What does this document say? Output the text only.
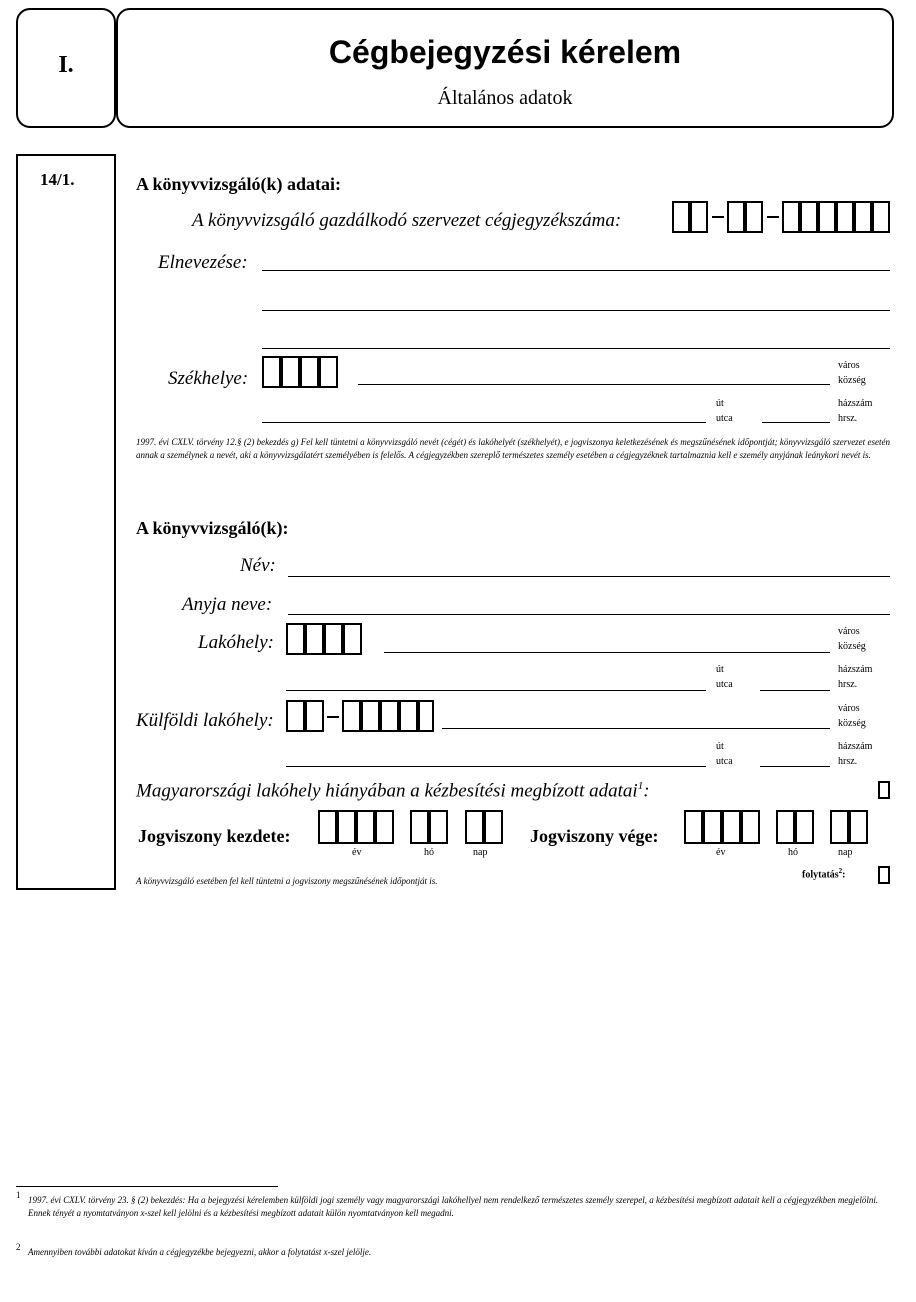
I.	Cégbejegyzési kérelem
Általános adatok
14/1.	A könyvvizsgáló(k) adatai:
A könyvvizsgáló gazdálkodó szervezet cégjegyzékszáma:
Elnevezése:
Székhelye:
város
község
út
utca
házszám
hrsz.
1997. évi CXLV. törvény 12.§ (2) bekezdés g) Fel kell tüntetni a könyvvizsgáló nevét (cégét) és lakóhelyét (székhelyét), e jogviszonya keletkezésének és megszűnésének időpontját; könyvvizsgáló szervezet esetén annak a személynek a nevét, aki a könyvvizsgálatért személyében is felelős. A cégjegyzékben szereplő természetes személy esetében a cégjegyzéknek tartalmaznia kell e személy anyjának leánykori nevét is.
A könyvvizsgáló(k):
Név:
Anyja neve:
Lakóhely:
város
község
út
utca
házszám
hrsz.
Külföldi lakóhely:
város
község
út
utca
házszám
hrsz.
Magyarországi lakóhely hiányában a kézbesítési megbízott adatai$^1$:
Jogviszony kezdete:
év	hó	nap
Jogviszony vége:
év	hó	nap
A könyvvizsgáló esetében fel kell tüntetni a jogviszony megszűnésének időpontját is.
folytatás$^2$:
1 1997. évi CXLV. törvény 23. § (2) bekezdés: Ha a bejegyzési kérelemben külföldi jogi személy vagy magyarországi lakóhellyel nem rendelkező természetes személy szerepel, a kézbesítési megbízott adatait kell a cégjegyzékben megjelölni. Ennek tényét a nyomtatványon x-szel kell jelölni és a kézbesítési megbízott adatait külön nyomtatványon kell megadni.
2 Amennyiben további adatokat kíván a cégjegyzékbe bejegyezni, akkor a folytatást x-szel jelölje.
